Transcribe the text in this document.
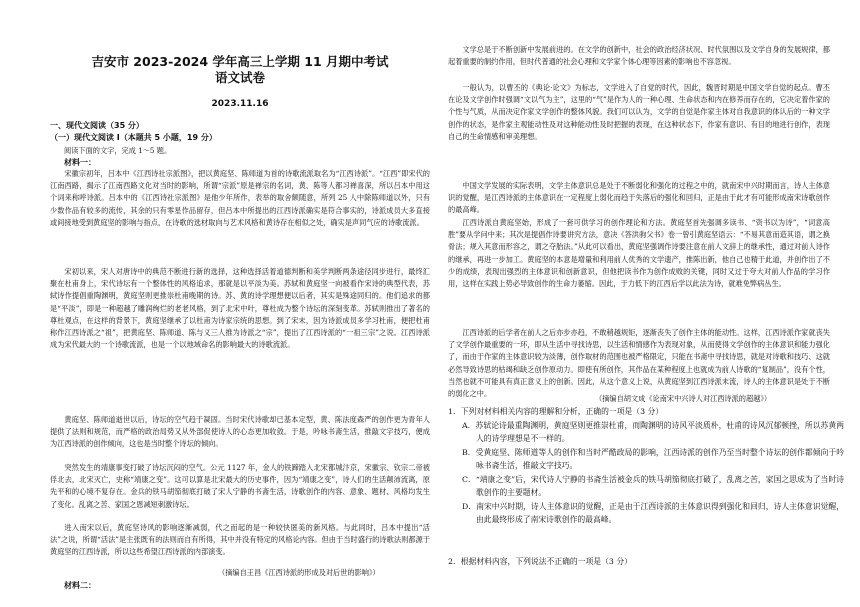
吉安市 2023-2024 学年高三上学期 11 月期中考试
语文试卷
2023.11.16
一、现代文阅读（35 分）
（一）现代文阅读 I（本题共 5 小题，19 分）
阅读下面的文字，完成 1～5 题。
材料一：

宋徽宗初年，吕本中《江西诗社宗派图》，把以黄庭坚、陈师道为首的诗歌流派取名为“江西诗派”。“江西”即宋代的江南西路，揭示了江南西路文化对当时的影响，所谓“宗派”原是禅宗的名词，黄、陈等人都习禅喜深，所以吕本中用这个词来称呼诗派。吕本中的《江西诗社宗派图》是他少年所作，表举的取舍颇随意，所列 25 人中除陈师道以外，只有少数作品有较多的流传，其余的只有零星作品留存，但吕本中所提出的江西诗派确实是符合事实的，诗派成员大多直接或间接地受到黄庭坚的影响与指点，在诗歌的选材取向与艺术风格和黄诗存在相似之处，确实是声同气应的诗歌流派。

宋初以来，宋人对唐诗中的典范不断进行新的选择，这种选择活着道德判断和美学判断两条途径同步进行，最终汇聚在杜甫身上，宋代诗坛有一个整体性的风格追求，那就是以平淡为美。苏轼和黄庭坚一向被看作宋诗的典型代表，苏轼诗作提倡重陶渊明，黄庭坚则更推崇杜甫晚期的诗。苏、黄的诗学理想便以后者，其实是殊途同归的。他们追求的都是“平淡”，即是一种超越了雕润绚烂的老老风格，到了北宋中叶，尊杜成为整个诗坛的深刻变革。苏轼则推出了著名的尊杜观点，在这样的背景下，黄庭坚继承了以杜甫为诗家宗统的思想。到了宋末，因为诗派成员多学习杜甫，便把杜甫称作江西诗派之“祖”，把黄庭坚、陈师道、陈与义三人推为诗派之“宗”，提出了江西诗派的“一祖三宗”之说。江西诗派成为宋代最大的一个诗歌流派，也是一个以地域命名的影响最大的诗歌流派。

黄庭坚、陈师道逝世以后，诗坛的空气趋于凝固。当时宋代诗歌却已基本定型，黄、陈法度森严的创作更为青年人提供了法则和规范，而严格的政治局势又从外部促使诗人的心态更加收敛。于是，吟咏书斋生活，推敲文字技巧，便成为江西诗派的创作倾向，这也是当时整个诗坛的倾向。

突然发生的靖康事变打破了诗坛沉闷的空气。公元 1127 年，金人的铁蹄踏入北宋都城汴京，宋徽宗、钦宗二帝被俘北去，北宋灭亡，史称“靖康之变”。这可以算是北宋最大的历史事件，因为“靖康之变”，诗人们的生活颠沛流离，原先平和的心境不复存在。金兵的铁马胡笳彻底打破了宋人宁静的书斋生活，诗歌创作的内容、意象、题材、风格均发生了变化。乱离之苦、家国之恩减短刺激诗坛。

进入南宋以后，黄庭坚诗风的影响逐渐减弱，代之而起的是一种较快匿美的新风格。与此同时，吕本中提出“活法”之说，所谓“活法”是主张既有的法则而自有所得，其中并没有特定的风格论内容。但由于当时盛行的诗歌法则都源于黄庭坚的江西诗派，所以这些希望江西诗派的内部演变。

（摘编自王昌《江西诗派的形成及对后世的影响》）
材料二：

文学总是于不断创新中发展前进的。在文学的创新中，社会的政治经济状况、时代氛围以及文学自身的发展规律，都起着重要的制约作用，但时代普通的社会心理和文学家个体心理等因素的影响也不容忽视。

一般认为，以曹丕的《典论·论文》为标志，文学进入了自觉的时代，因此，魏晋时期是中国文学自觉的起点。曹丕在论及文学创作时强调“文以气为主”，这里的“气”是作为人的一种心理、生命状态和内在修养而存在的，它决定着作家的个性与气质，从而决定作家文学创作的整体风貌。我们可以认为，文学的自觉是作家主体对自我意识的体认后的一种文学创作的状态，是作家主观能动性及对这种能动性及时把握的表现，在这种状态下，作家有意识、有目的地进行创作，表现自己的生命情感和审美理想。

中国文学发展的实际表明，文学主体意识总是处于不断弱化和强化的过程之中的，就南宋中兴时期而言，诗人主体意识的觉醒，是江西诗派的主体意识在一定程度上弱化而趋于失落后的强化和回归，正是由于此才有可能形成南宋诗歌创作的最高峰。

江西诗派自黄庭坚始，形成了一套可供学习的创作理论和方法。黄庭坚首先强调多读书、“资书以为诗”，“词意高胜”要从学问中来；其次是提倡作诗要讲究方法，意决《答洪驹父书》卷一曾引黄庭坚语云：“不易其意而造其语，谓之换骨法；规入其意而形容之，谓之夺胎法。”从此可以看出，黄庭坚强调作诗要注意在前人文辞上的继承性，通过对前人诗作的继承，再进一步加工。黄庭坚的本意是增量和利用前人优秀的文学遗产，推陈出新，他自己也精于此道，并创作出了不少的成绩，表现出强烈的主体意识和创新意识，但他把读书作为创作成败的关键，同时又过于夸大对前人作品的学习作用，这样在实践上势必导致创作的生命力萎缩。因此，于力低下的江西后学以此法为诗，就难免弊病丛生。

江西诗派的后学者在前人之后亦步亦趋，不敢稍越规矩，逐渐丧失了创作主体的能动性。这样，江西诗派作家就丧失了文学创作最重要的一环，即从生活中寻找诗思，以生活和情感作为表现对象，从而使得文学创作的主体意识和能力强化了，而由于作家的主体意识较为淡薄，创作取材的范围也被严格限定，只能在书斋中寻找诗思，就是对诗歌和技巧、这就必然导致诗思的枯竭和缺乏创作原动力。即使有所创作，其作品在某种程度上也就成为前人诗歌的“复制品”，没有个性，当然也就不可能具有真正意义上的创新。因此，从这个意义上说，从黄庭坚到江西诗派末流，诗人的主体意识是处于不断的弱化之中。

（摘编自胡文成《论南宋中兴诗人对江西诗派的超越》）

1．下列对材料相关内容的理解和分析，正确的一项是（3 分）

A．苏轼论诗最重陶渊明，黄庭坚则更推崇杜甫，而陶渊明的诗风平淡质朴，杜甫的诗风沉郁顿挫，所以苏黄两人的诗学理想是不一样的。

B．受黄庭坚、陈师道等人的创作和当时严酷政局的影响，江西诗派的创作乃至当时整个诗坛的创作都倾向于吟咏书斋生活，推敲文字技巧。

C．“靖康之变”后，宋代诗人宁静的书斋生活被金兵的铁马胡笳彻底打破了，乱离之苦，家国之思成为了当时诗歌创作的主要题材。

D．南宋中兴时期，诗人主体意识的觉醒，正是由于江西诗派的主体意识得到强化和回归，诗人主体意识觉醒，由此最终形成了南宋诗歌创作的最高峰。

2．根据材料内容，下列说法不正确的一项是（3 分）
